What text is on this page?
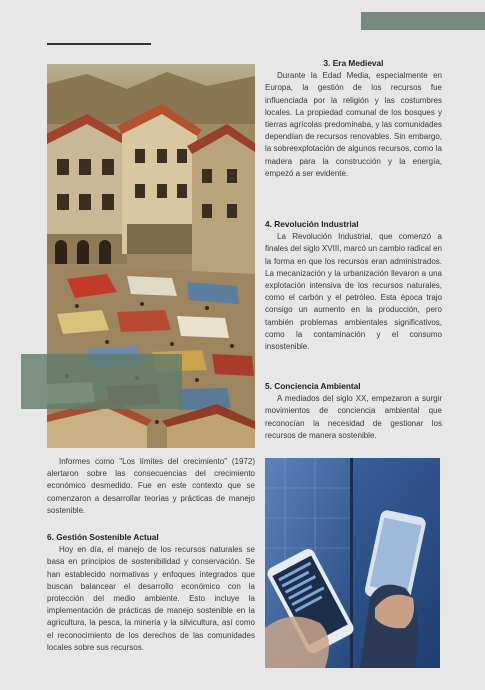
3. Era Medieval

Durante la Edad Media, especialmente en Europa, la gestión de los recursos fue influenciada por la religión y las costumbres locales. La propiedad comunal de los bosques y tierras agrícolas predominaba, y las comunidades dependían de recursos renovables. Sin embargo, la sobreexplotación de algunos recursos, como la madera para la construcción y la energía, empezó a ser evidente.

4. Revolución Industrial

La Revolución Industrial, que comenzó a finales del siglo XVIII, marcó un cambio radical en la forma en que los recursos eran administrados. La mecanización y la urbanización llevaron a una explotación intensiva de los recursos naturales, como el carbón y el petróleo. Esta época trajo consigo un aumento en la producción, pero también problemas ambientales significativos, como la contaminación y el consumo insostenible.

5. Conciencia Ambiental

A mediados del siglo XX, empezaron a surgir movimientos de conciencia ambiental que reconocían la necesidad de gestionar los recursos de manera sostenible.

Informes como "Los límites del crecimiento" (1972) alertaron sobre las consecuencias del crecimiento económico desmedido. Fue en este contexto que se comenzaron a desarrollar teorías y prácticas de manejo sostenible.

6. Gestión Sostenible Actual

Hoy en día, el manejo de los recursos naturales se basa en principios de sostenibilidad y conservación. Se han establecido normativas y enfoques integrados que buscan balancear el desarrollo económico con la protección del medio ambiente. Esto incluye la implementación de prácticas de manejo sostenible en la agricultura, la pesca, la minería y la silvicultura, así como el reconocimiento de los derechos de las comunidades locales sobre sus recursos.
